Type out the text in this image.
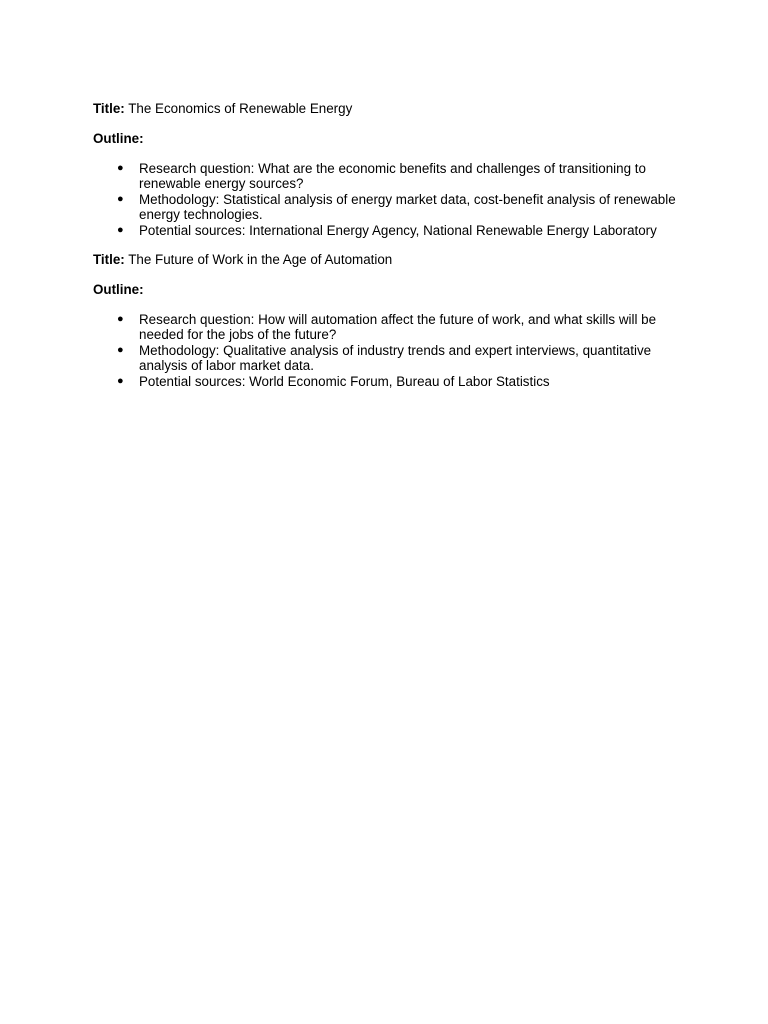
Title: The Economics of Renewable Energy

Outline:

● Research question: What are the economic benefits and challenges of transitioning to renewable energy sources?
● Methodology: Statistical analysis of energy market data, cost-benefit analysis of renewable energy technologies.
● Potential sources: International Energy Agency, National Renewable Energy Laboratory

Title: The Future of Work in the Age of Automation

Outline:

● Research question: How will automation affect the future of work, and what skills will be needed for the jobs of the future?
● Methodology: Qualitative analysis of industry trends and expert interviews, quantitative analysis of labor market data.
● Potential sources: World Economic Forum, Bureau of Labor Statistics
